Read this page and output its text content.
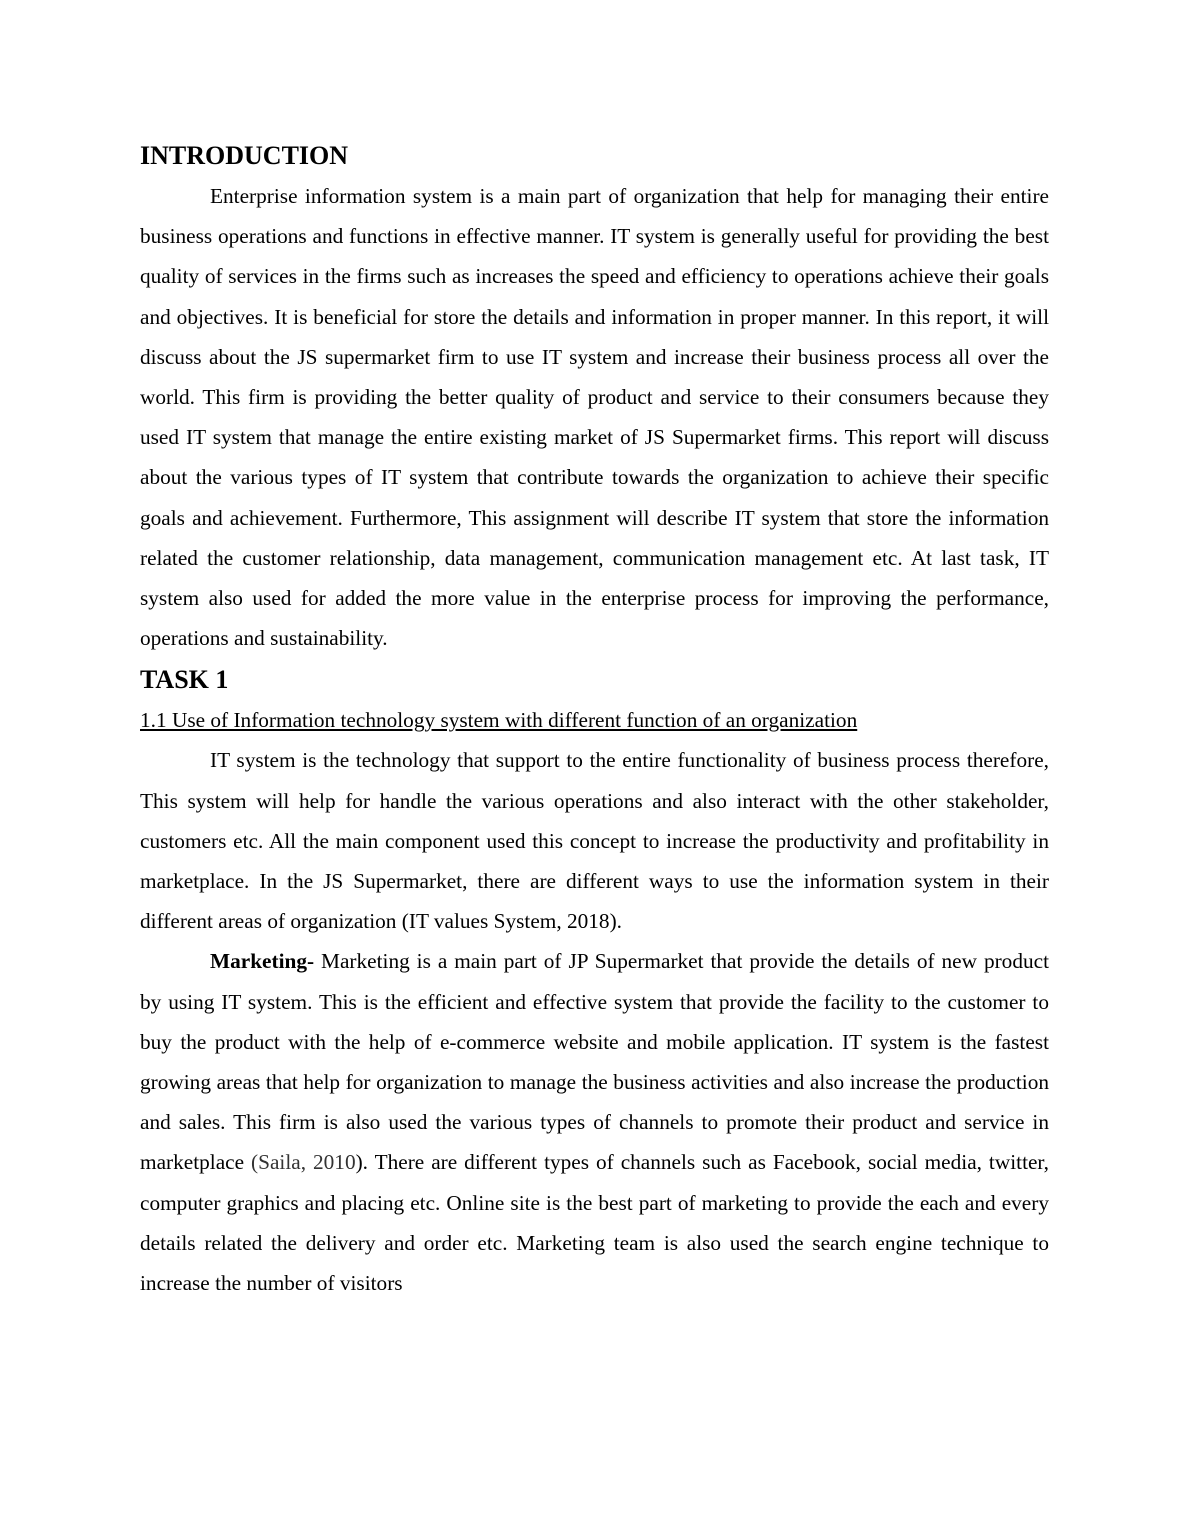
INTRODUCTION

Enterprise information system is a main part of organization that help for managing their entire business operations and functions in effective manner. IT system is generally useful for providing the best quality of services in the firms such as increases the speed and efficiency to operations achieve their goals and objectives. It is beneficial for store the details and information in proper manner. In this report, it will discuss about the JS supermarket firm to use IT system and increase their business process all over the world. This firm is providing the better quality of product and service to their consumers because they used IT system that manage the entire existing market of JS Supermarket firms. This report will discuss about the various types of IT system that contribute towards the organization to achieve their specific goals and achievement. Furthermore, This assignment will describe IT system that store the information related the customer relationship, data management, communication management etc. At last task, IT system also used for added the more value in the enterprise process for improving the performance, operations and sustainability.

TASK 1
1.1 Use of Information technology system with different function of an organization

IT system is the technology that support to the entire functionality of business process therefore, This system will help for handle the various operations and also interact with the other stakeholder, customers etc. All the main component used this concept to increase the productivity and profitability in marketplace. In the JS Supermarket, there are different ways to use the information system in their different areas of organization (IT values System, 2018).

Marketing- Marketing is a main part of JP Supermarket that provide the details of new product by using IT system. This is the efficient and effective system that provide the facility to the customer to buy the product with the help of e-commerce website and mobile application. IT system is the fastest growing areas that help for organization to manage the business activities and also increase the production and sales. This firm is also used the various types of channels to promote their product and service in marketplace (Saila, 2010). There are different types of channels such as Facebook, social media, twitter, computer graphics and placing etc. Online site is the best part of marketing to provide the each and every details related the delivery and order etc. Marketing team is also used the search engine technique to increase the number of visitors
